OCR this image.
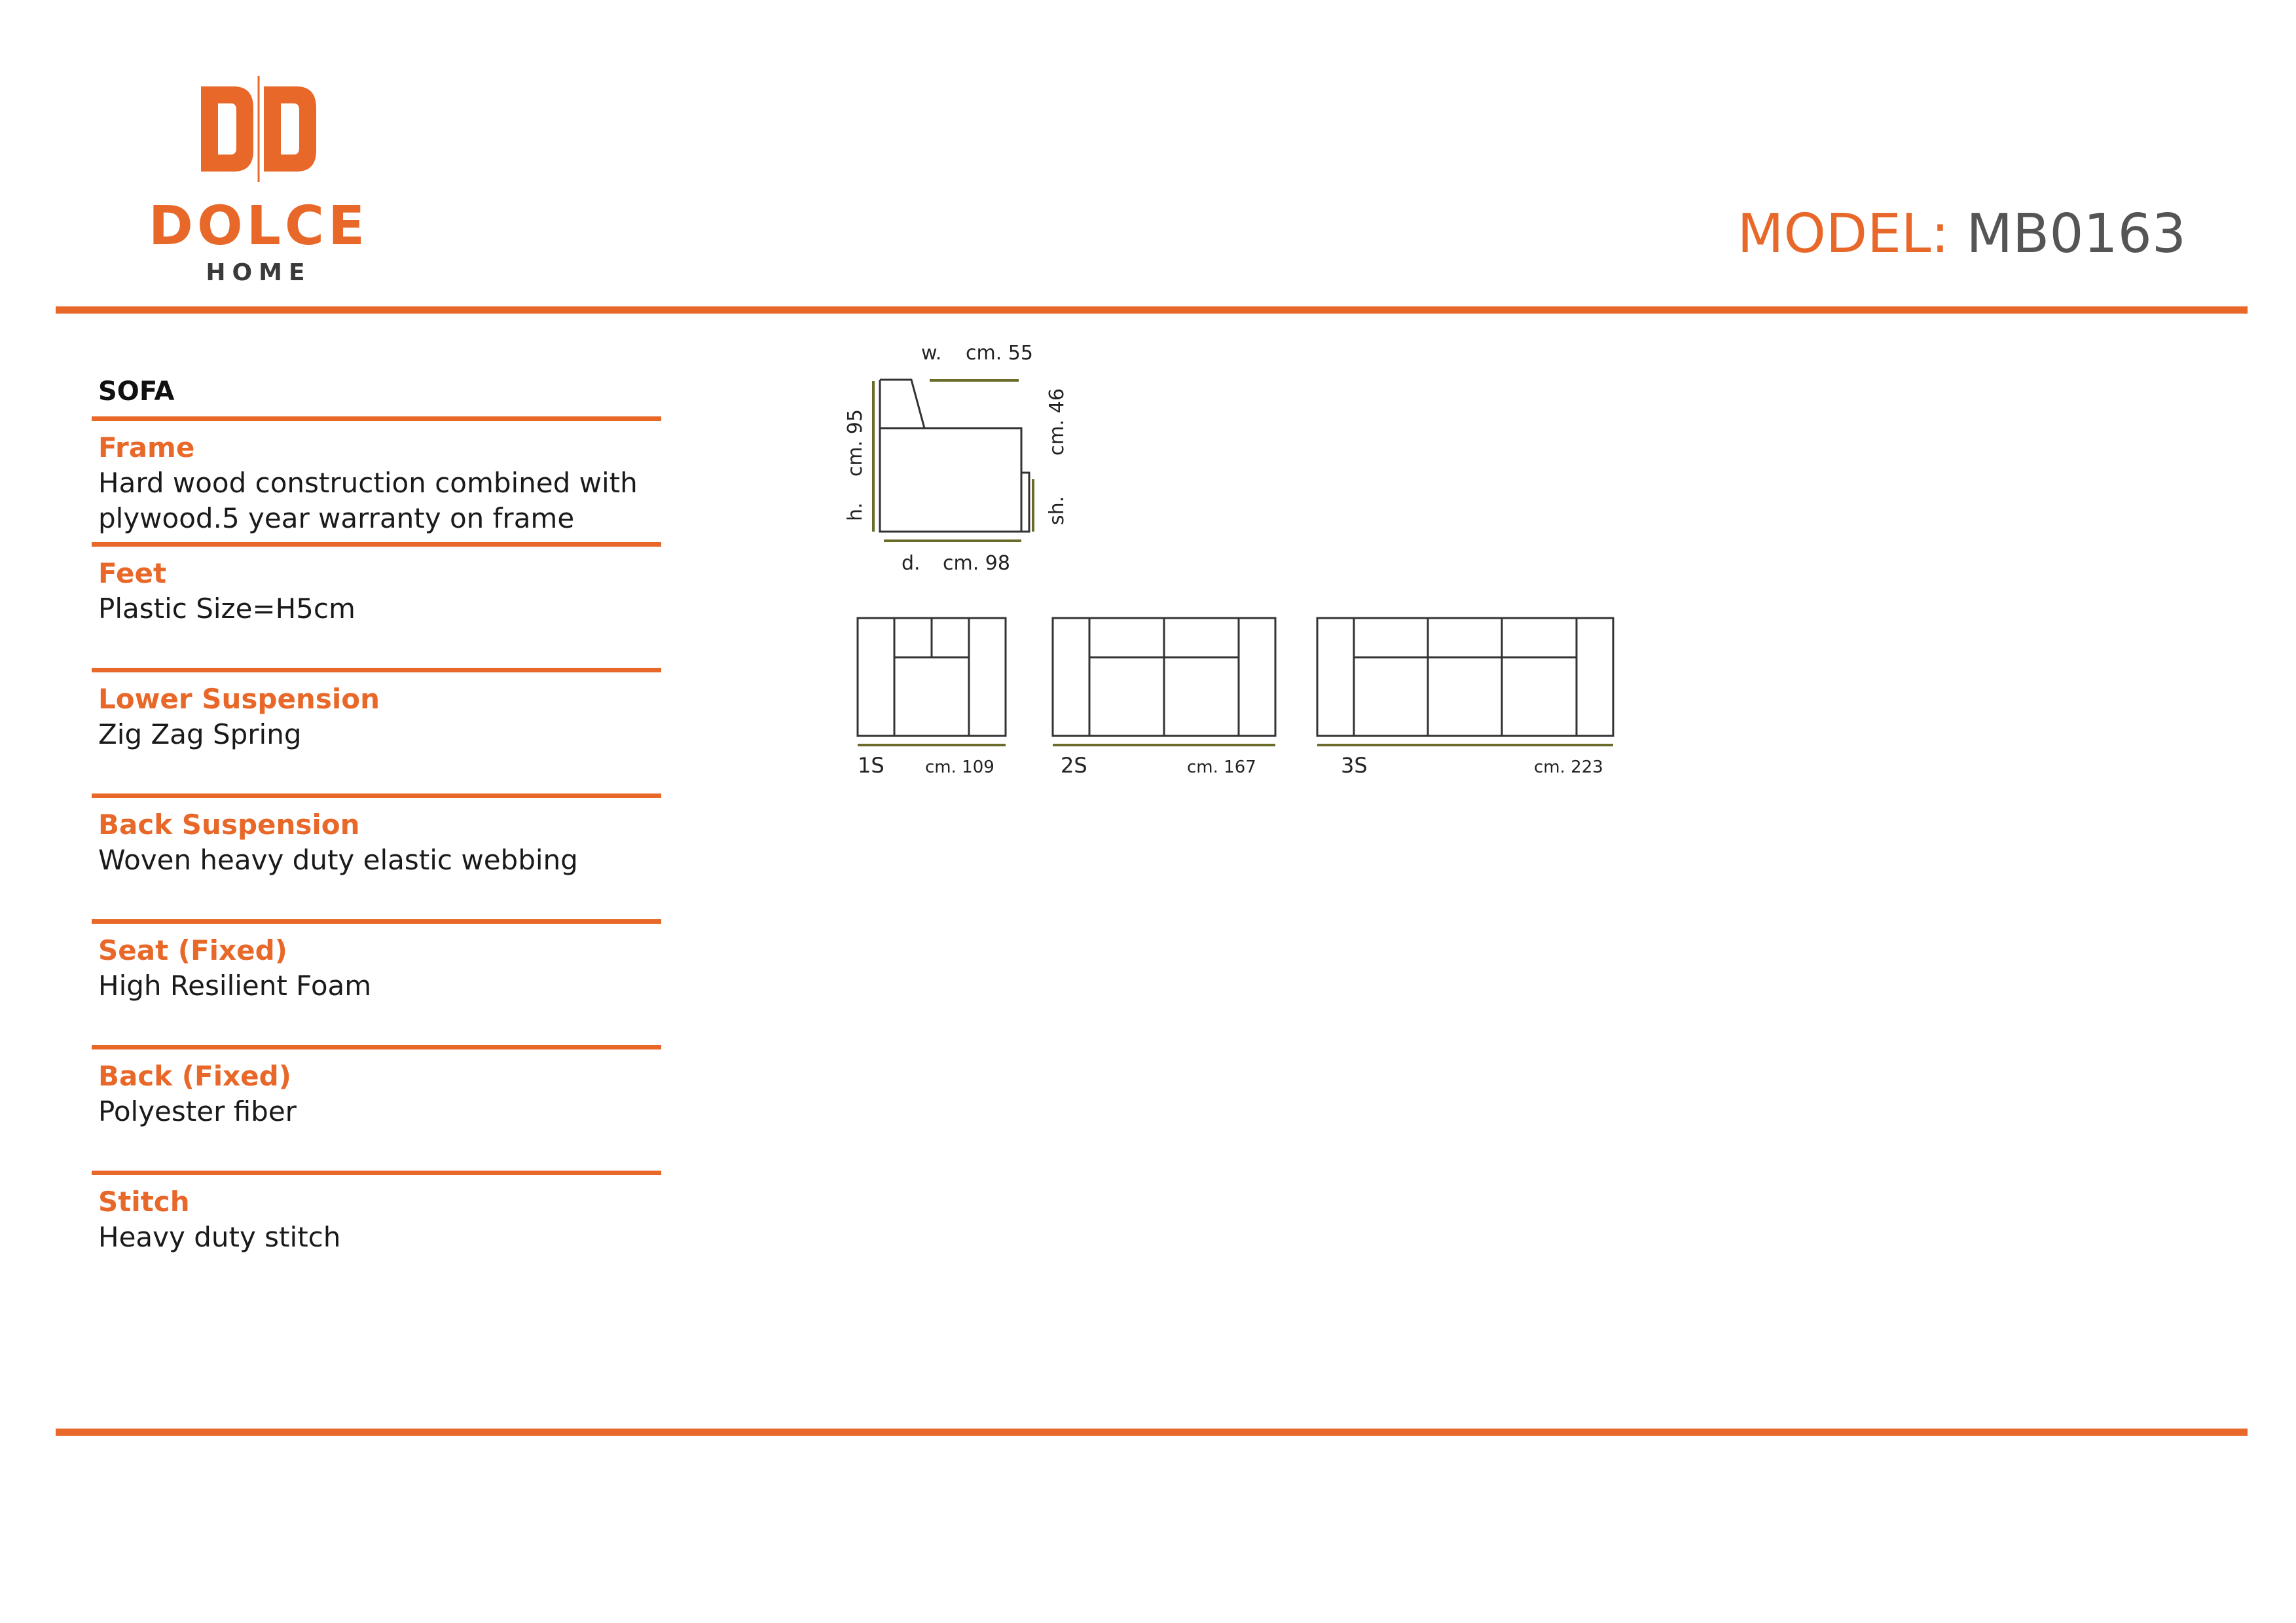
DOLCE
HOME
MODEL: MB0163
SOFA
Frame
Hard wood construction combined with plywood.5 year warranty on frame
Feet
Plastic Size=H5cm
Lower Suspension
Zig Zag Spring
Back Suspension
Woven heavy duty elastic webbing
Seat (Fixed)
High Resilient Foam
Back (Fixed)
Polyester fiber
Stitch
Heavy duty stitch
w. cm. 55
h.
cm. 95
sh.
cm. 46
d. cm. 98
1S cm. 109	2S	cm. 167	3S	cm. 223
